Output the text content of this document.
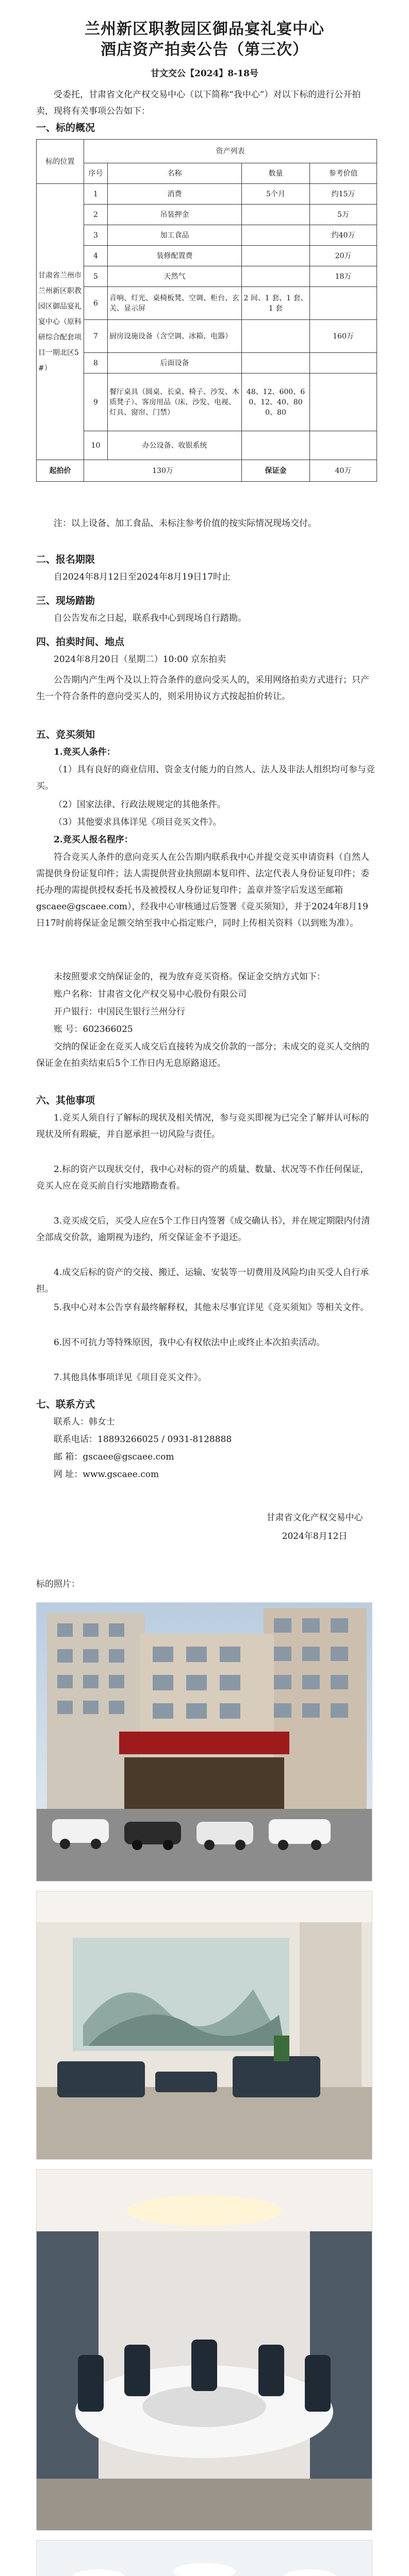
兰州新区职教园区御品宴礼宴中心
酒店资产拍卖公告（第三次）
甘文交公【2024】8-18号

受委托，甘肃省文化产权交易中心（以下简称“我中心”）对以下标的进行公开拍卖，现将有关事项公告如下：

一、标的概况
标的位置	资产列表			
	序号	名称	数量	参考价值
甘肃省兰州市兰州新区职教园区御品宴礼宴中心（原科研综合配套项目一期北区5#）	1	消费	5个月	约15万
	2	吊装押金		5万
	3	加工食品		约40万
	4	装修配置费		20万
	5	天然气		18万
	6	音响、灯光、桌椅板凳、空调、柜台、玄关、显示屏	2 间、1 套、1 套、1 套	
	7	厨房设施设备（含空调、冰箱、电器）		160万
	8	后面设备		
	9	餐厅桌具（圆桌、长桌、椅子、沙发、木质凳子）、客房用品（床、沙发、电视、灯具、窗帘、门禁）	48、12、600、60、12、40、800、80	
	10	办公设备、收银系统		
起拍价	130万		保证金	40万

注：以上设备、加工食品、未标注参考价值的按实际情况现场交付。

二、报名期限

自2024年8月12日至2024年8月19日17时止

三、现场踏勘

自公告发布之日起，联系我中心到现场自行踏勘。

四、拍卖时间、地点

2024年8月20日（星期二）10:00 京东拍卖

公告期内产生两个及以上符合条件的意向受买人的，采用网络拍卖方式进行；只产生一个符合条件的意向受买人的，则采用协议方式按起拍价转让。

五、竞买须知
1.竞买人条件：

（1）具有良好的商业信用、资金支付能力的自然人、法人及非法人组织均可参与竞买。

（2）国家法律、行政法规规定的其他条件。

（3）其他要求具体详见《项目竞买文件》。

2.竞买人报名程序：

符合竞买人条件的意向竞买人在公告期内联系我中心并提交竞买申请资料（自然人需提供身份证复印件；法人需提供营业执照副本复印件、法定代表人身份证复印件；委托办理的需提供授权委托书及被授权人身份证复印件；盖章并签字后发送至邮箱gscaee@gscaee.com），经我中心审核通过后签署《竞买须知》，并于2024年8月19日17时前将保证金足额交纳至我中心指定账户，同时上传相关资料（以到账为准）。

未按照要求交纳保证金的，视为放弃竞买资格。保证金交纳方式如下：

账户名称：甘肃省文化产权交易中心股份有限公司

开户银行：中国民生银行兰州分行

账 号：602366025

交纳的保证金在竞买人成交后直接转为成交价款的一部分；未成交的竞买人交纳的保证金在拍卖结束后5个工作日内无息原路退还。

六、其他事项

1.竞买人须自行了解标的现状及相关情况，参与竞买即视为已完全了解并认可标的现状及所有瑕疵，并自愿承担一切风险与责任。

2.标的资产以现状交付，我中心对标的资产的质量、数量、状况等不作任何保证，竞买人应在竞买前自行实地踏勘查看。

3.竞买成交后，买受人应在5个工作日内签署《成交确认书》，并在规定期限内付清全部成交价款，逾期视为违约，所交保证金不予退还。

4.成交后标的资产的交接、搬迁、运输、安装等一切费用及风险均由买受人自行承担。

5.我中心对本公告享有最终解释权，其他未尽事宜详见《竞买须知》等相关文件。

6.因不可抗力等特殊原因，我中心有权依法中止或终止本次拍卖活动。

7.其他具体事项详见《项目竞买文件》。

七、联系方式

联系人：韩女士

联系电话：18893266025 / 0931-8128888

邮 箱：gscaee@gscaee.com

网 址：www.gscaee.com

甘肃省文化产权交易中心
2024年8月12日
标的照片：
